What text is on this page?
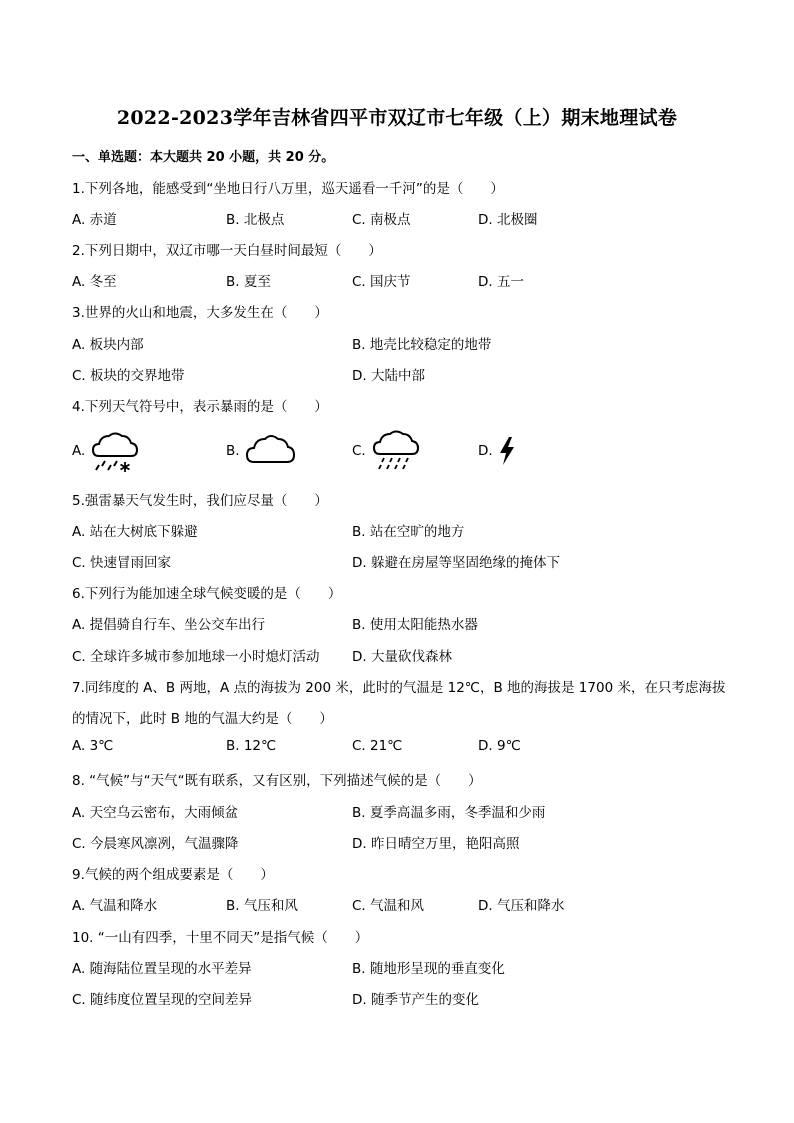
2022-2023学年吉林省四平市双辽市七年级（上）期末地理试卷
一、单选题：本大题共 20 小题，共 20 分。
1.下列各地，能感受到“坐地日行八万里，巡天遥看一千河”的是（　　）
A. 赤道	B. 北极点	C. 南极点	D. 北极圈
2.下列日期中，双辽市哪一天白昼时间最短（　　）
A. 冬至	B. 夏至	C. 国庆节	D. 五一
3.世界的火山和地震，大多发生在（　　）
A. 板块内部	B. 地壳比较稳定的地带
C. 板块的交界地带	D. 大陆中部
4.下列天气符号中，表示暴雨的是（　　）
A.	B.	C.	D.
5.强雷暴天气发生时，我们应尽量（　　）
A. 站在大树底下躲避	B. 站在空旷的地方
C. 快速冒雨回家	D. 躲避在房屋等坚固绝缘的掩体下
6.下列行为能加速全球气候变暖的是（　　）
A. 提倡骑自行车、坐公交车出行	B. 使用太阳能热水器
C. 全球许多城市参加地球一小时熄灯活动 D. 大量砍伐森林
7.同纬度的 A、B 两地，A 点的海拔为 200 米，此时的气温是 12℃，B 地的海拔是 1700 米，在只考虑海拔
的情况下，此时 B 地的气温大约是（　　）
A. 3℃	B. 12℃	C. 21℃	D. 9℃
8. “气候”与“天气“既有联系，又有区别，下列描述气候的是（　　）
A. 天空乌云密布，大雨倾盆	B. 夏季高温多雨，冬季温和少雨
C. 今晨寒风凛冽，气温骤降	D. 昨日晴空万里，艳阳高照
9.气候的两个组成要素是（　　）
A. 气温和降水	B. 气压和风	C. 气温和风	D. 气压和降水
10. “一山有四季，十里不同天”是指气候（　　）
A. 随海陆位置呈现的水平差异	B. 随地形呈现的垂直变化
C. 随纬度位置呈现的空间差异	D. 随季节产生的变化
